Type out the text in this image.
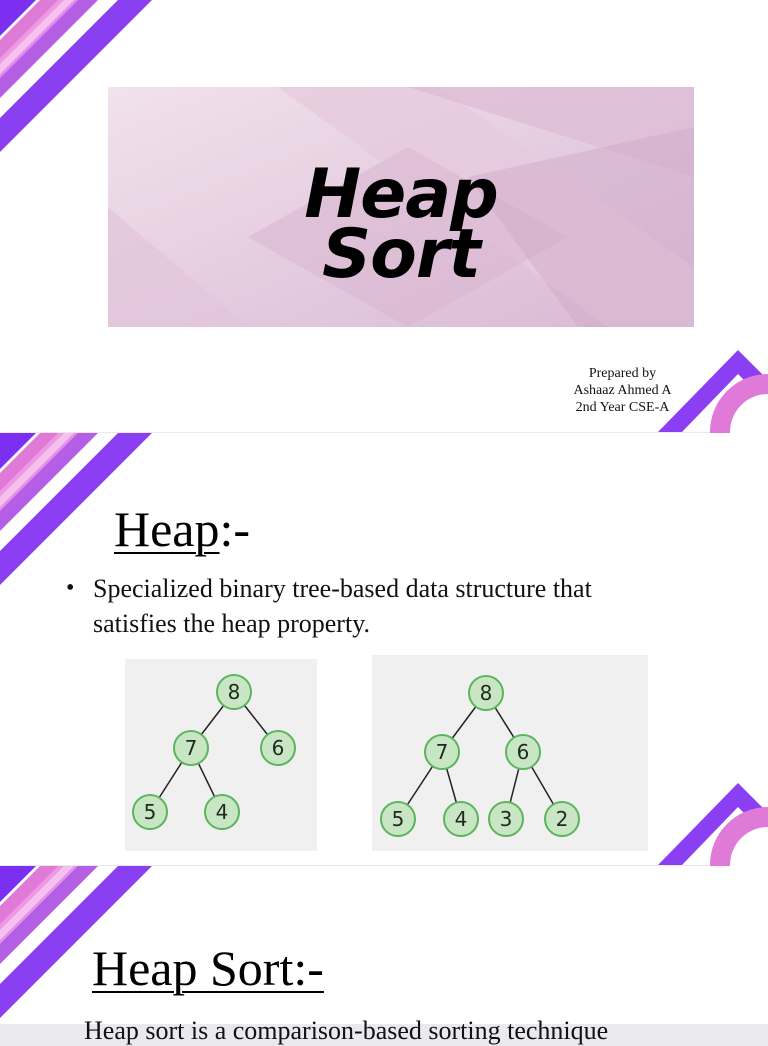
Heap
Sort
Prepared by
Ashaaz Ahmed A
2nd Year CSE-A
Heap:-
• Specialized binary tree-based data structure that satisfies the heap property.
8
7	6
5	4
8
7	6
5	4 3 2
Heap Sort:-
Heap sort is a comparison-based sorting technique
